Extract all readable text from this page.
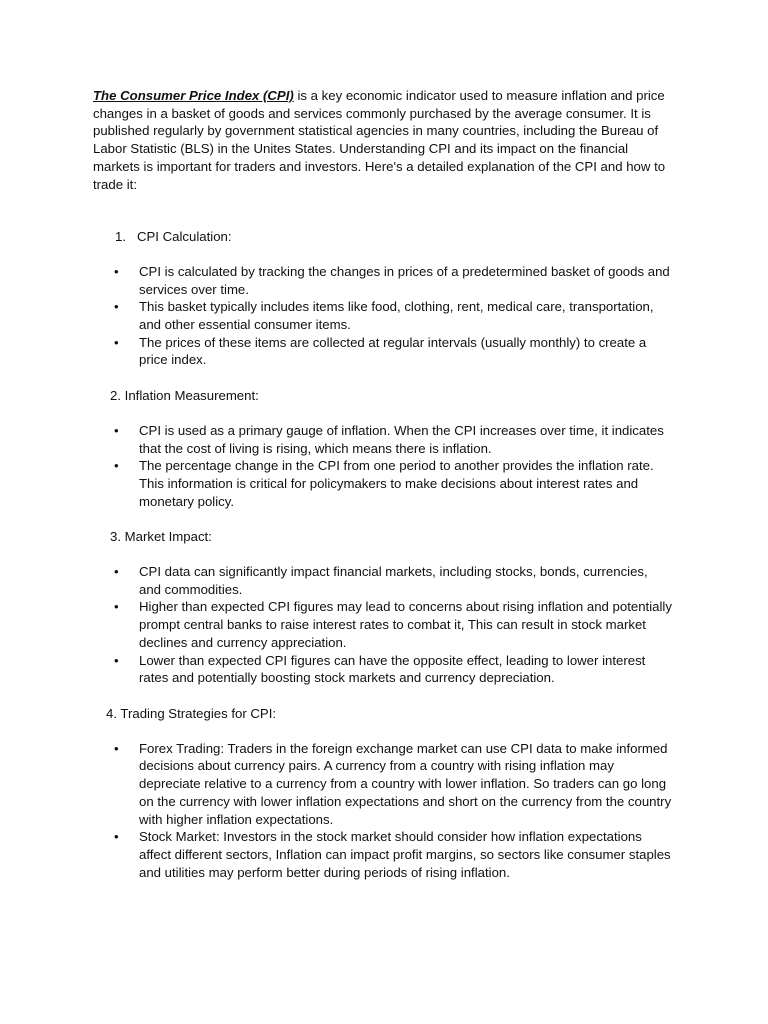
The Consumer Price Index (CPI) is a key economic indicator used to measure inflation and price changes in a basket of goods and services commonly purchased by the average consumer. It is published regularly by government statistical agencies in many countries, including the Bureau of Labor Statistic (BLS) in the Unites States. Understanding CPI and its impact on the financial markets is important for traders and investors. Here's a detailed explanation of the CPI and how to trade it:

1.   CPI Calculation:
• CPI is calculated by tracking the changes in prices of a predetermined basket of goods and services over time.
• This basket typically includes items like food, clothing, rent, medical care, transportation, and other essential consumer items.
• The prices of these items are collected at regular intervals (usually monthly) to create a price index.
2. Inflation Measurement:
• CPI is used as a primary gauge of inflation. When the CPI increases over time, it indicates that the cost of living is rising, which means there is inflation.
• The percentage change in the CPI from one period to another provides the inflation rate. This information is critical for policymakers to make decisions about interest rates and monetary policy.
3. Market Impact:
• CPI data can significantly impact financial markets, including stocks, bonds, currencies, and commodities.
• Higher than expected CPI figures may lead to concerns about rising inflation and potentially prompt central banks to raise interest rates to combat it, This can result in stock market declines and currency appreciation.
• Lower than expected CPI figures can have the opposite effect, leading to lower interest rates and potentially boosting stock markets and currency depreciation.
4. Trading Strategies for CPI:
• Forex Trading: Traders in the foreign exchange market can use CPI data to make informed decisions about currency pairs. A currency from a country with rising inflation may depreciate relative to a currency from a country with lower inflation. So traders can go long on the currency with lower inflation expectations and short on the currency from the country with higher inflation expectations.
• Stock Market: Investors in the stock market should consider how inflation expectations affect different sectors, Inflation can impact profit margins, so sectors like consumer staples and utilities may perform better during periods of rising inflation.
